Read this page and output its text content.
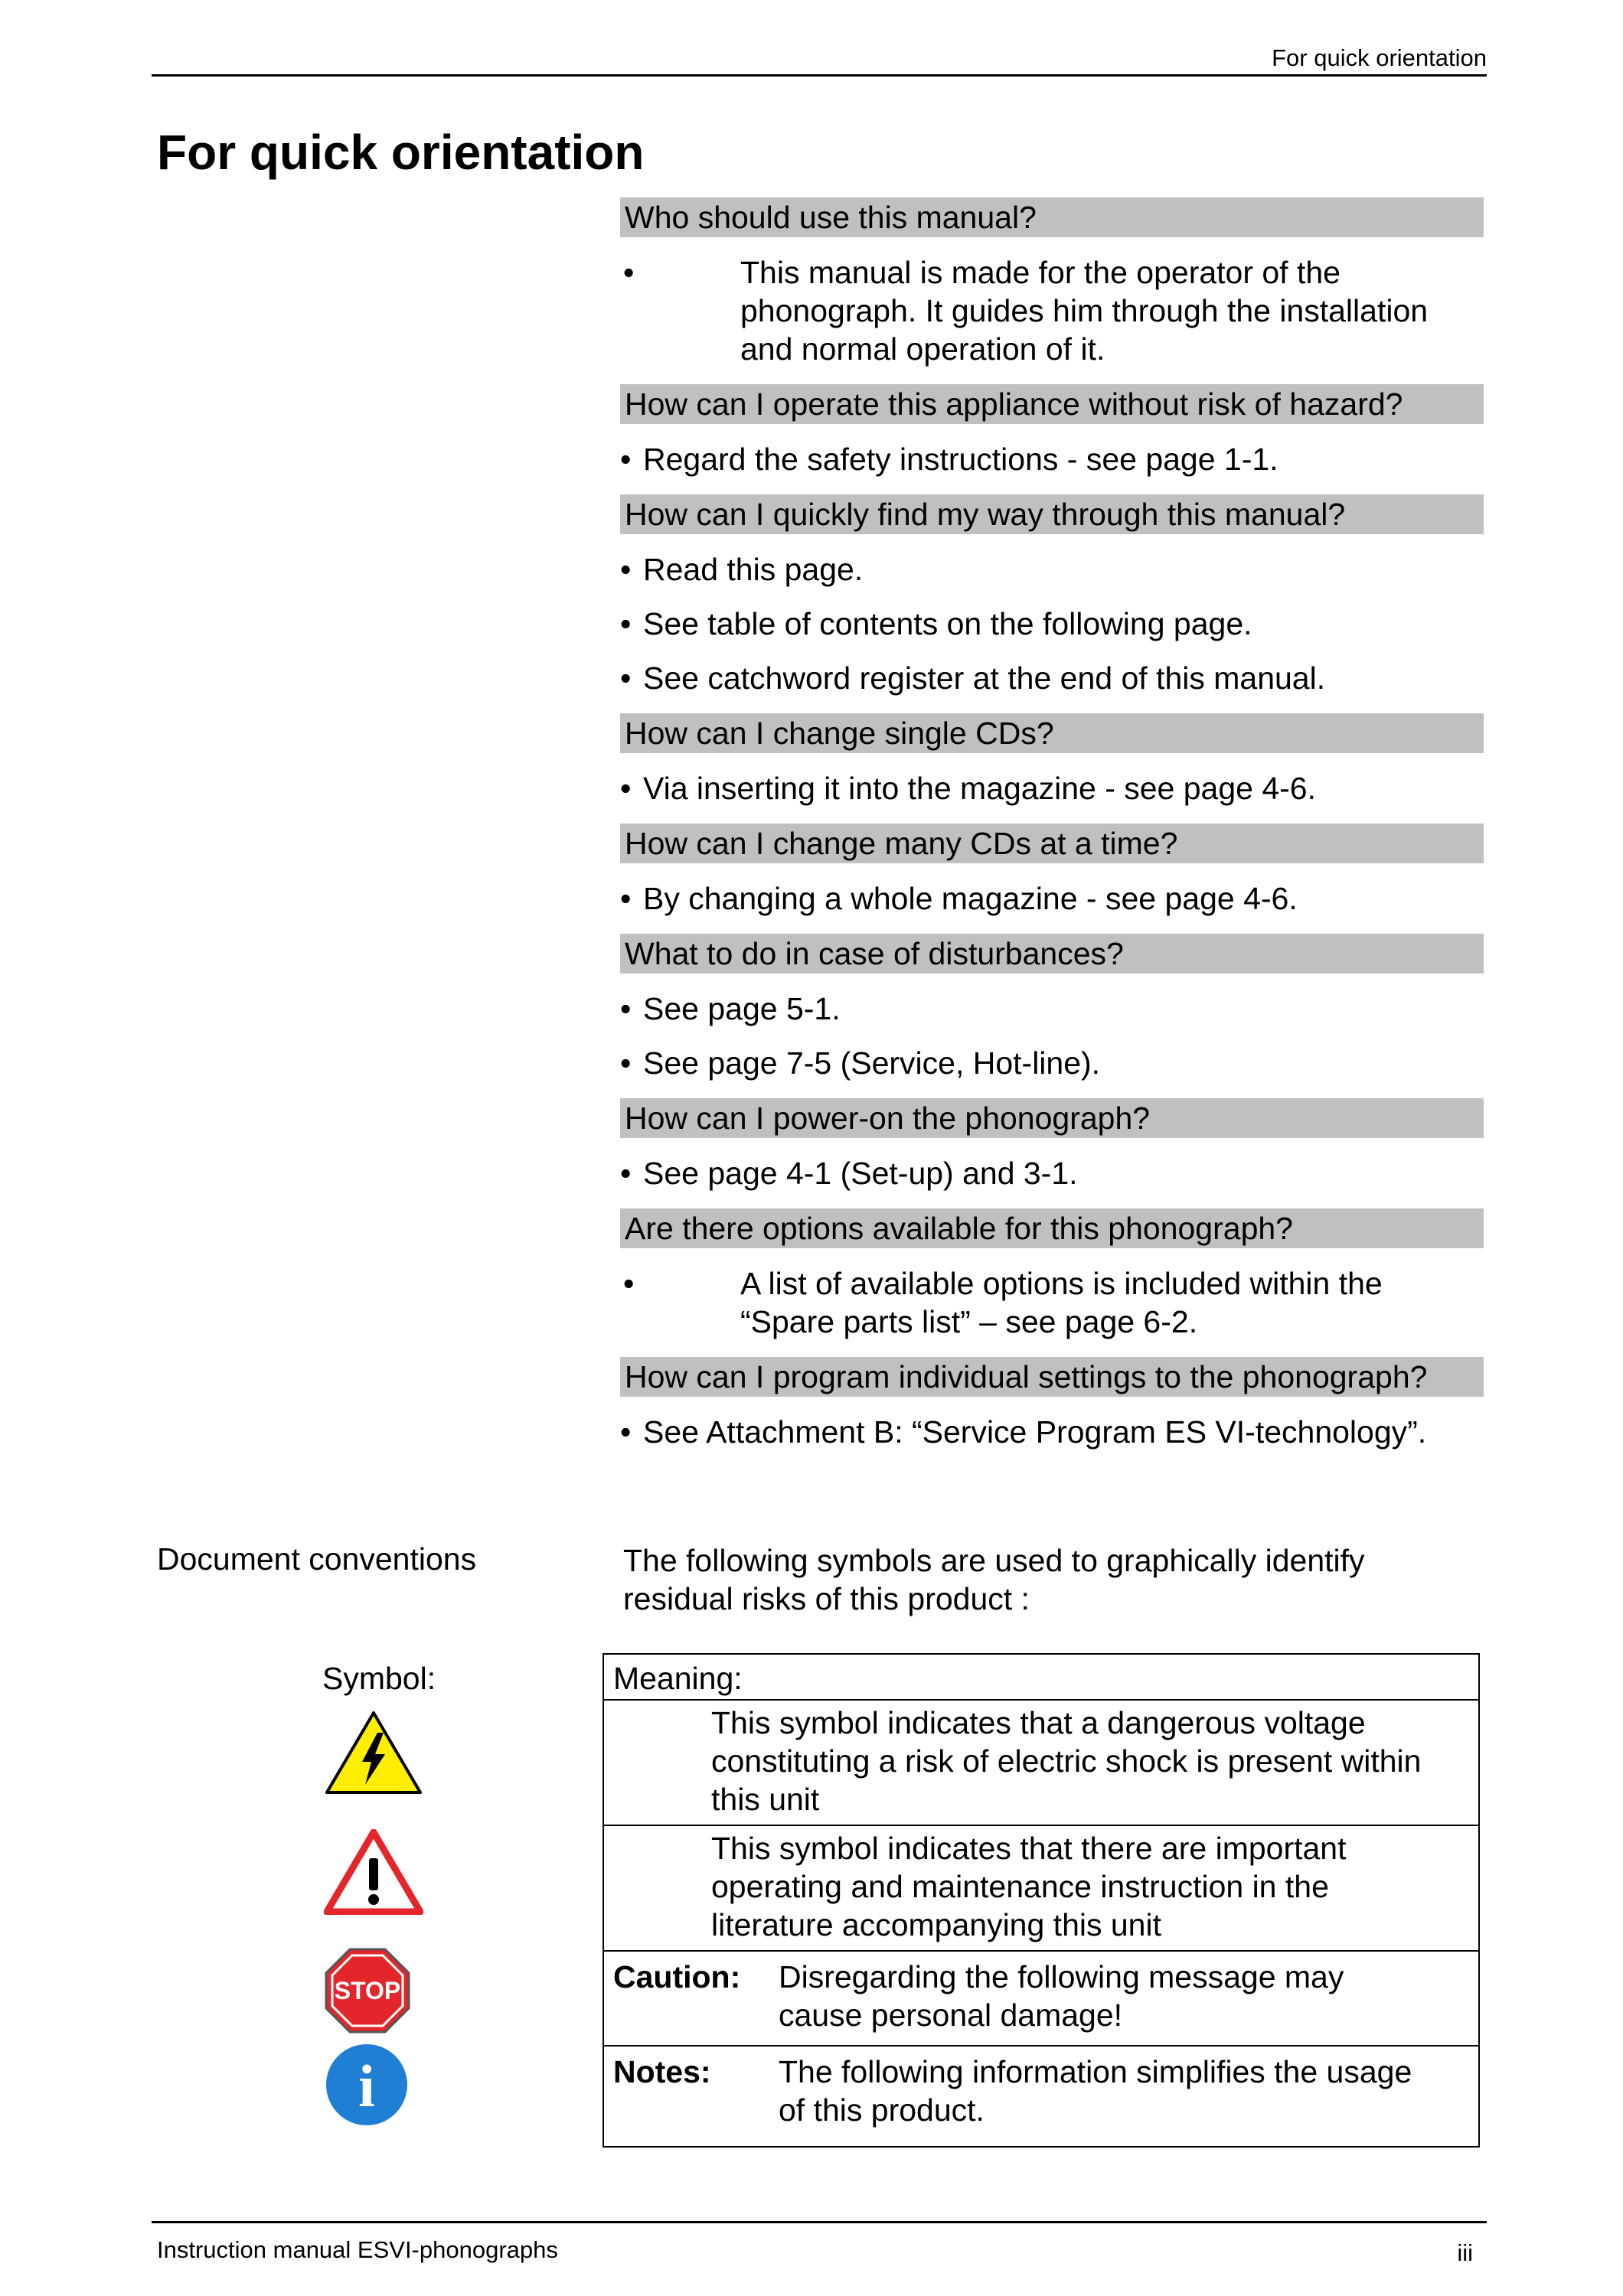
For quick orientation
For quick orientation
Who should use this manual?
•	This manual is made for the operator of the
phonograph. It guides him through the installation
and normal operation of it.
How can I operate this appliance without risk of hazard?
• Regard the safety instructions - see page 1-1.
How can I quickly find my way through this manual?
• Read this page.
• See table of contents on the following page.
• See catchword register at the end of this manual.
How can I change single CDs?
• Via inserting it into the magazine - see page 4-6.
How can I change many CDs at a time?
• By changing a whole magazine - see page 4-6.
What to do in case of disturbances?
• See page 5-1.
• See page 7-5 (Service, Hot-line).
How can I power-on the phonograph?
• See page 4-1 (Set-up) and 3-1.
Are there options available for this phonograph?
•	A list of available options is included within the
“Spare parts list” – see page 6-2.
How can I program individual settings to the phonograph?
• See Attachment B: “Service Program ES VI-technology”.
Document conventions	The following symbols are used to graphically identify
residual risks of this product :
Symbol:
STOP
i
Meaning:

This symbol indicates that a dangerous voltage
constituting a risk of electric shock is present within
this unit

This symbol indicates that there are important
operating and maintenance instruction in the
literature accompanying this unit

Caution:	Disregarding the following message may
cause personal damage!

Notes:	The following information simplifies the usage
of this product.
Instruction manual ESVI-phonographs	iii
